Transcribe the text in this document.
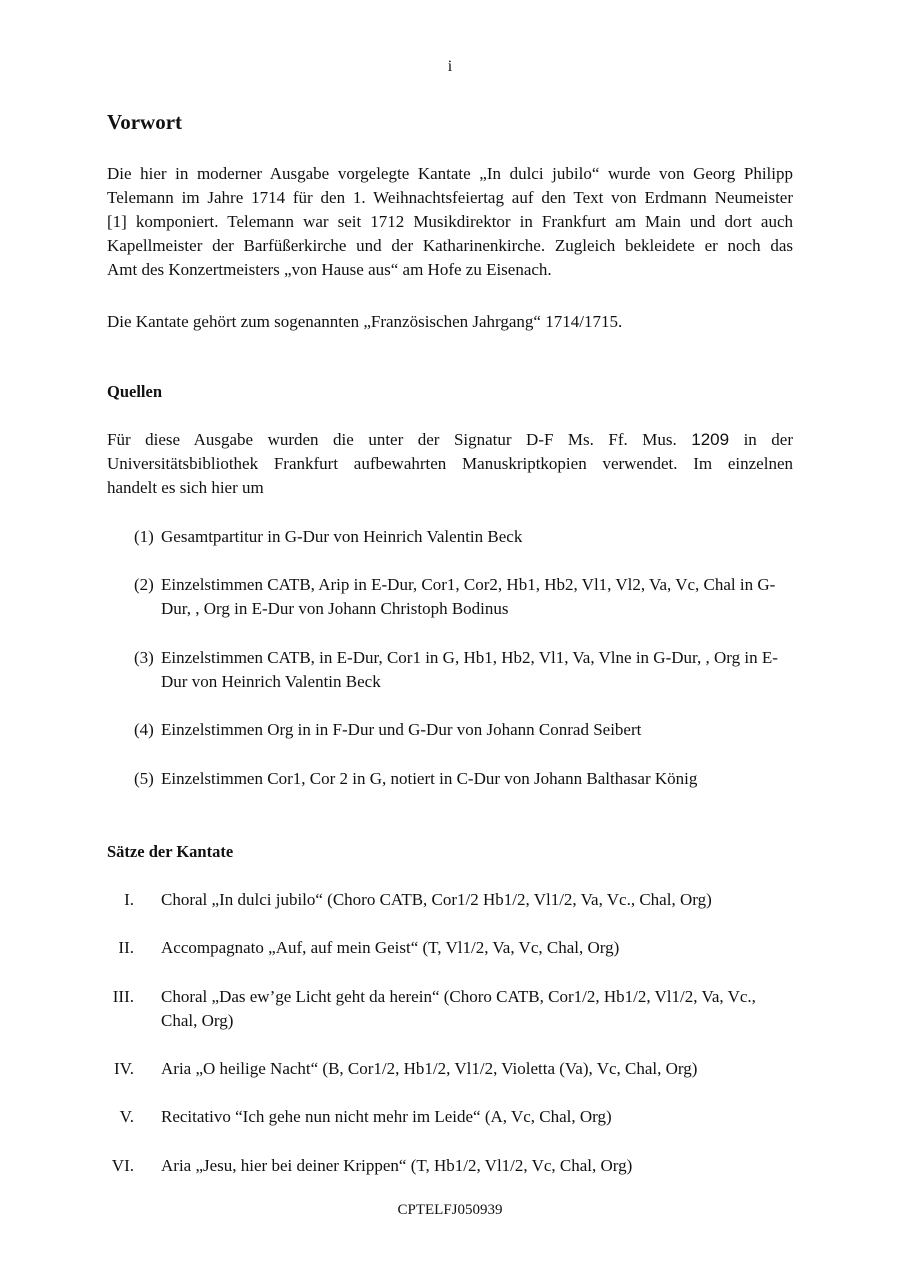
i
Vorwort
Die hier in moderner Ausgabe vorgelegte Kantate „In dulci jubilo“ wurde von Georg Philipp
Telemann im Jahre 1714 für den 1. Weihnachtsfeiertag auf den Text von Erdmann Neumeister
[1] komponiert. Telemann war seit 1712 Musikdirektor in Frankfurt am Main und dort auch
Kapellmeister der Barfüßerkirche und der Katharinenkirche. Zugleich bekleidete er noch das
Amt des Konzertmeisters „von Hause aus“ am Hofe zu Eisenach.
Die Kantate gehört zum sogenannten „Französischen Jahrgang“ 1714/1715.
Quellen
Für diese Ausgabe wurden die unter der Signatur D-F Ms. Ff. Mus. 1209 in der
Universitätsbibliothek Frankfurt aufbewahrten Manuskriptkopien verwendet. Im einzelnen
handelt es sich hier um
(1) Gesamtpartitur in G-Dur von Heinrich Valentin Beck
(2) Einzelstimmen CATB, Arip in E-Dur, Cor1, Cor2, Hb1, Hb2, Vl1, Vl2, Va, Vc, Chal in G-Dur, , Org in E-Dur von Johann Christoph Bodinus
(3) Einzelstimmen CATB, in E-Dur, Cor1 in G, Hb1, Hb2, Vl1, Va, Vlne in G-Dur, , Org in E-Dur von Heinrich Valentin Beck
(4) Einzelstimmen Org in in F-Dur und G-Dur von Johann Conrad Seibert
(5) Einzelstimmen Cor1, Cor 2 in G, notiert in C-Dur von Johann Balthasar König
Sätze der Kantate
I. Choral „In dulci jubilo“ (Choro CATB, Cor1/2 Hb1/2, Vl1/2, Va, Vc., Chal, Org)
II. Accompagnato „Auf, auf mein Geist“ (T, Vl1/2, Va, Vc, Chal, Org)
III. Choral „Das ew’ge Licht geht da herein“ (Choro CATB, Cor1/2, Hb1/2, Vl1/2, Va, Vc., Chal, Org)
IV. Aria „O heilige Nacht“ (B, Cor1/2, Hb1/2, Vl1/2, Violetta (Va), Vc, Chal, Org)
V. Recitativo “Ich gehe nun nicht mehr im Leide“ (A, Vc, Chal, Org)
VI. Aria „Jesu, hier bei deiner Krippen“ (T, Hb1/2, Vl1/2, Vc, Chal, Org)
CPTELFJ050939
